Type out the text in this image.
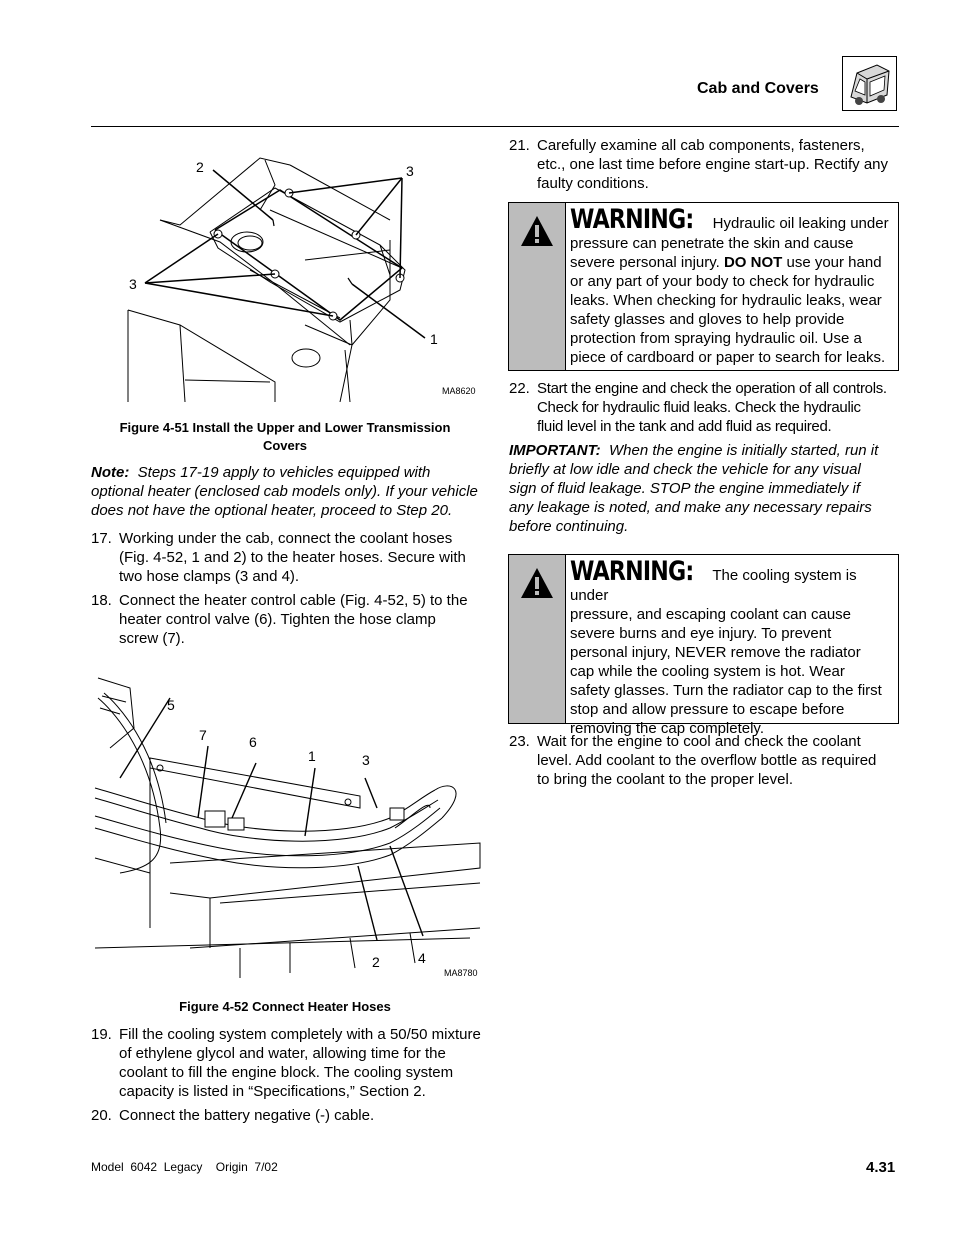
Cab and Covers
2	3
3
1
MA8620
Figure 4-51 Install the Upper and Lower Transmission
Covers
Note: Steps 17-19 apply to vehicles equipped with
optional heater (enclosed cab models only). If your vehicle
does not have the optional heater, proceed to Step 20.
17. Working under the cab, connect the coolant hoses
(Fig. 4-52, 1 and 2) to the heater hoses. Secure with
two hose clamps (3 and 4).
18. Connect the heater control cable (Fig. 4-52, 5) to the
heater control valve (6). Tighten the hose clamp
screw (7).
5
7	6
1	3
2	4
MA8780
Figure 4-52 Connect Heater Hoses
19. Fill the cooling system completely with a 50/50 mixture
of ethylene glycol and water, allowing time for the
coolant to fill the engine block. The cooling system
capacity is listed in “Specifications,” Section 2.
20. Connect the battery negative (-) cable.
21. Carefully examine all cab components, fasteners,
etc., one last time before engine start-up. Rectify any
faulty conditions.
WARNING: Hydraulic oil leaking under
pressure can penetrate the skin and cause
severe personal injury. DO NOT use your hand
or any part of your body to check for hydraulic
leaks. When checking for hydraulic leaks, wear
safety glasses and gloves to help provide
protection from spraying hydraulic oil. Use a
piece of cardboard or paper to search for leaks.
22. Start the engine and check the operation of all controls.
Check for hydraulic fluid leaks. Check the hydraulic
fluid level in the tank and add fluid as required.
IMPORTANT: When the engine is initially started, run it
briefly at low idle and check the vehicle for any visual
sign of fluid leakage. STOP the engine immediately if
any leakage is noted, and make any necessary repairs
before continuing.
WARNING: The cooling system is under
pressure, and escaping coolant can cause
severe burns and eye injury. To prevent
personal injury, NEVER remove the radiator
cap while the cooling system is hot. Wear
safety glasses. Turn the radiator cap to the first
stop and allow pressure to escape before
removing the cap completely.
23. Wait for the engine to cool and check the coolant
level. Add coolant to the overflow bottle as required
to bring the coolant to the proper level.
Model  6042  Legacy    Origin  7/02	4.31
